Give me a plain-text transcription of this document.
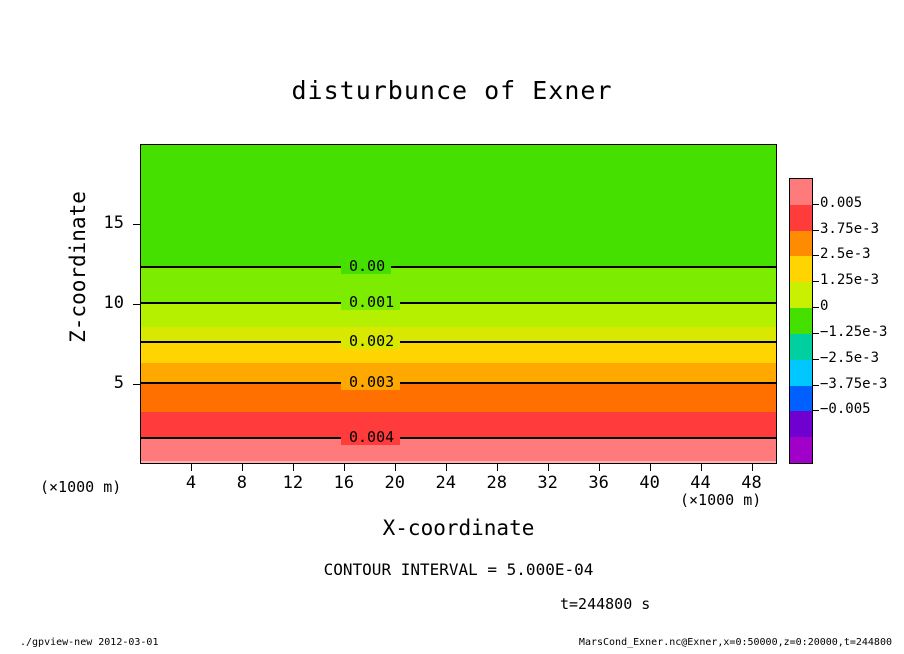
disturbunce of Exner
0.00
0.001
0.002
0.003
0.004
Z-coordinate
X-coordinate
(×1000 m)
(×1000 m)
CONTOUR INTERVAL = 5.000E-04
t=244800 s
./gpview-new 2012-03-01	MarsCond_Exner.nc@Exner,x=0:50000,z=0:20000,t=244800
4	8	12	16	20	24	28	32	36	40	44	48
5
10
15
0.005
3.75e-3
2.5e-3
1.25e-3
0
−1.25e-3
−2.5e-3
−3.75e-3
−0.005
